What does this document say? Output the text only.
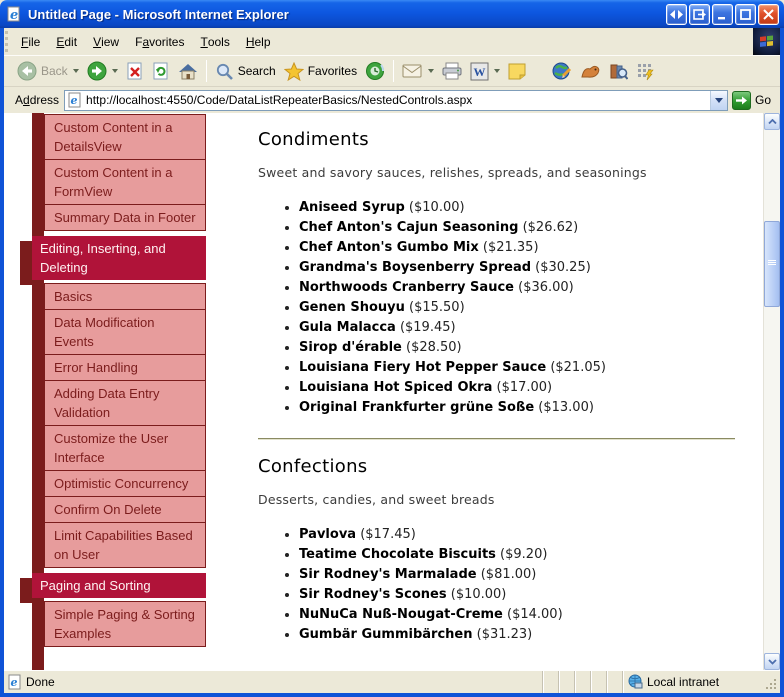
e Untitled Page - Microsoft Internet Explorer
F ile	E dit	V iew	F a vorites	T ools	H elp
Back	Search	Favorites	W
Address e http://localhost:4550/Code/DataListRepeaterBasics/NestedControls.aspx	Go
Custom Content in a DetailsView
Custom Content in a FormView
Summary Data in Footer
Editing, Inserting, and Deleting
Basics
Data Modification Events
Error Handling
Adding Data Entry Validation
Customize the User Interface
Optimistic Concurrency
Confirm On Delete
Limit Capabilities Based on User
Paging and Sorting
Simple Paging & Sorting Examples
Condiments

Sweet and savory sauces, relishes, spreads, and seasonings

• Aniseed Syrup ($10.00)
• Chef Anton's Cajun Seasoning ($26.62)
• Chef Anton's Gumbo Mix ($21.35)
• Grandma's Boysenberry Spread ($30.25)
• Northwoods Cranberry Sauce ($36.00)
• Genen Shouyu ($15.50)
• Gula Malacca ($19.45)
• Sirop d'érable ($28.50)
• Louisiana Fiery Hot Pepper Sauce ($21.05)
• Louisiana Hot Spiced Okra ($17.00)
• Original Frankfurter grüne Soße ($13.00)
Confections

Desserts, candies, and sweet breads

• Pavlova ($17.45)
• Teatime Chocolate Biscuits ($9.20)
• Sir Rodney's Marmalade ($81.00)
• Sir Rodney's Scones ($10.00)
• NuNuCa Nuß-Nougat-Creme ($14.00)
• Gumbär Gummibärchen ($31.23)
e Done	Local intranet
